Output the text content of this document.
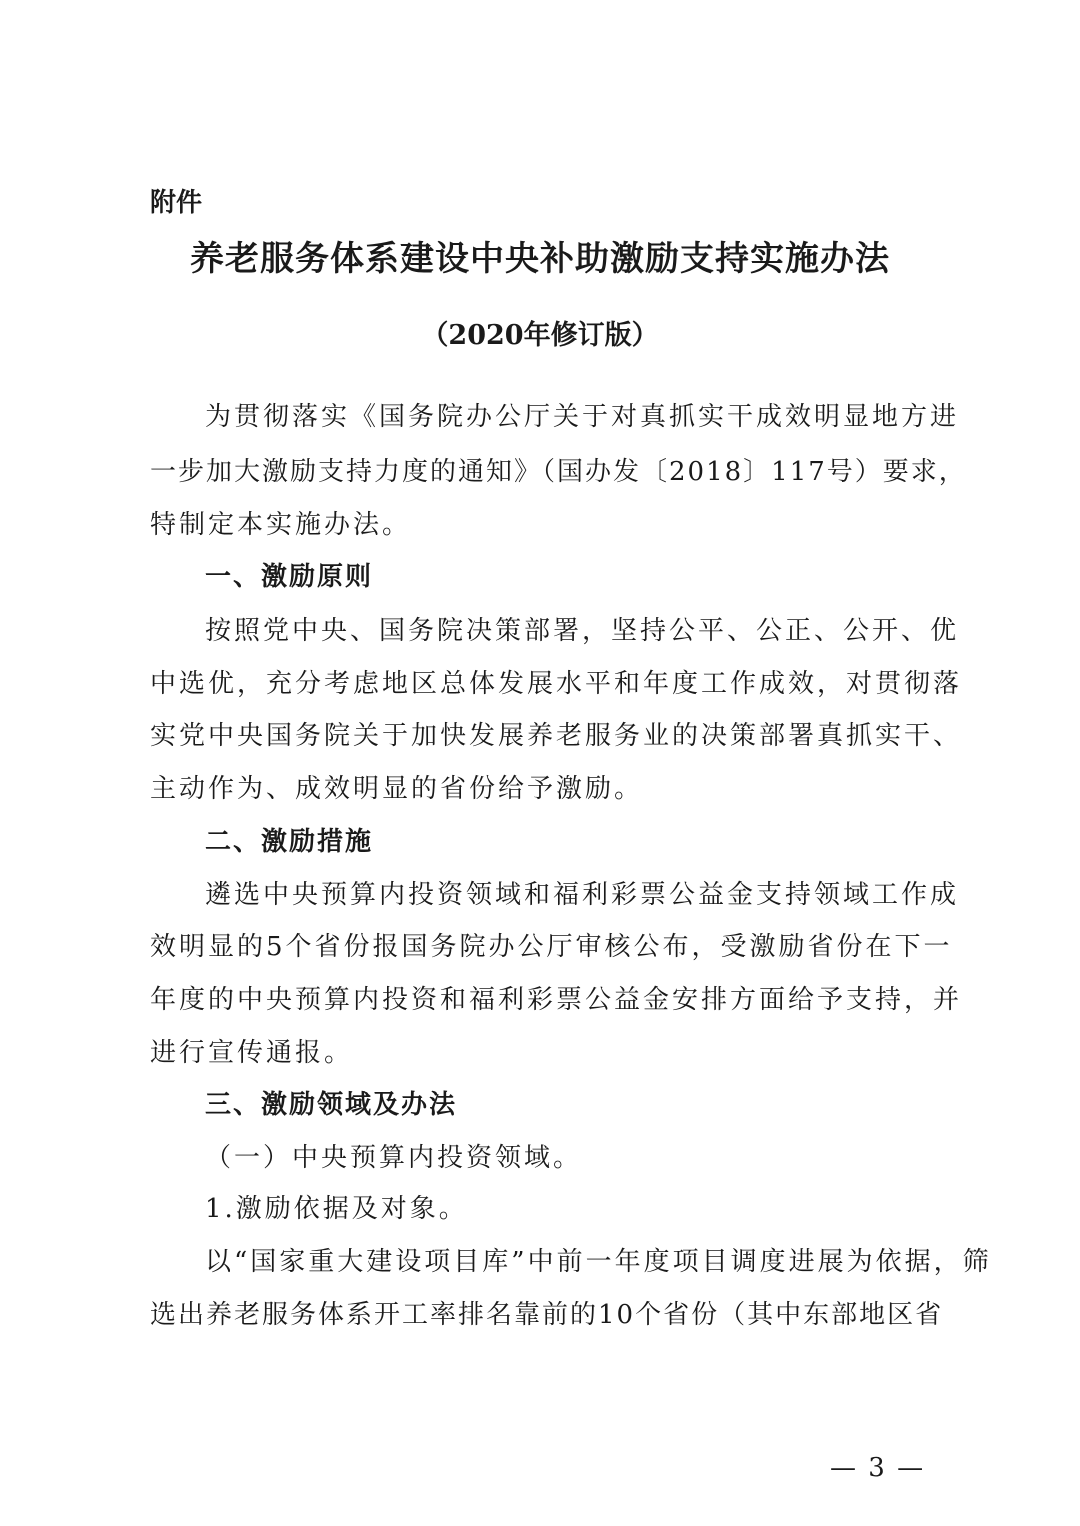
附件
养老服务体系建设中央补助激励支持实施办法
（2020年修订版）
为贯彻落实《国务院办公厅关于对真抓实干成效明显地方进
一步加大激励支持力度的通知》（国办发〔2018〕117号）要求，
特制定本实施办法。
一、激励原则
按照党中央、国务院决策部署，坚持公平、公正、公开、优
中选优，充分考虑地区总体发展水平和年度工作成效，对贯彻落
实党中央国务院关于加快发展养老服务业的决策部署真抓实干、
主动作为、成效明显的省份给予激励。
二、激励措施
遴选中央预算内投资领域和福利彩票公益金支持领域工作成
效明显的5个省份报国务院办公厅审核公布，受激励省份在下一
年度的中央预算内投资和福利彩票公益金安排方面给予支持，并
进行宣传通报。
三、激励领域及办法
（一）中央预算内投资领域。
1.激励依据及对象。
以“国家重大建设项目库”中前一年度项目调度进展为依据，筛
选出养老服务体系开工率排名靠前的10个省份（其中东部地区省
— 3 —
